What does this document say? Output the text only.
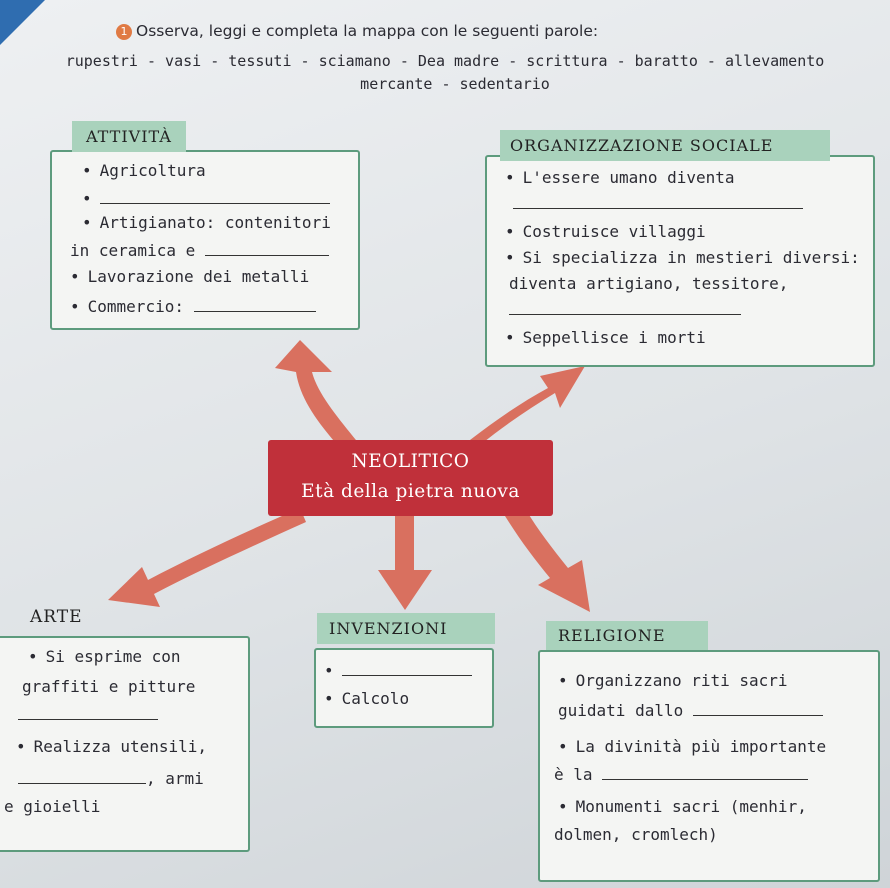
1 Osserva, leggi e completa la mappa con le seguenti parole:
rupestri - vasi - tessuti - sciamano - Dea madre - scrittura - baratto - allevamento
mercante - sedentario
NEOLITICO
Età della pietra nuova
• Agricoltura
•
• Artigianato: contenitori
in ceramica e
• Lavorazione dei metalli
• Commercio:
ATTIVITÀ
• L'essere umano diventa
• Costruisce villaggi
• Si specializza in mestieri diversi:
diventa artigiano, tessitore,
• Seppellisce i morti
ORGANIZZAZIONE SOCIALE
• Si esprime con
graffiti e pitture
• Realizza utensili,
, armi
e gioielli
ARTE
•
• Calcolo
INVENZIONI
• Organizzano riti sacri
guidati dallo
• La divinità più importante
è la
• Monumenti sacri (menhir,
dolmen, cromlech)
RELIGIONE
